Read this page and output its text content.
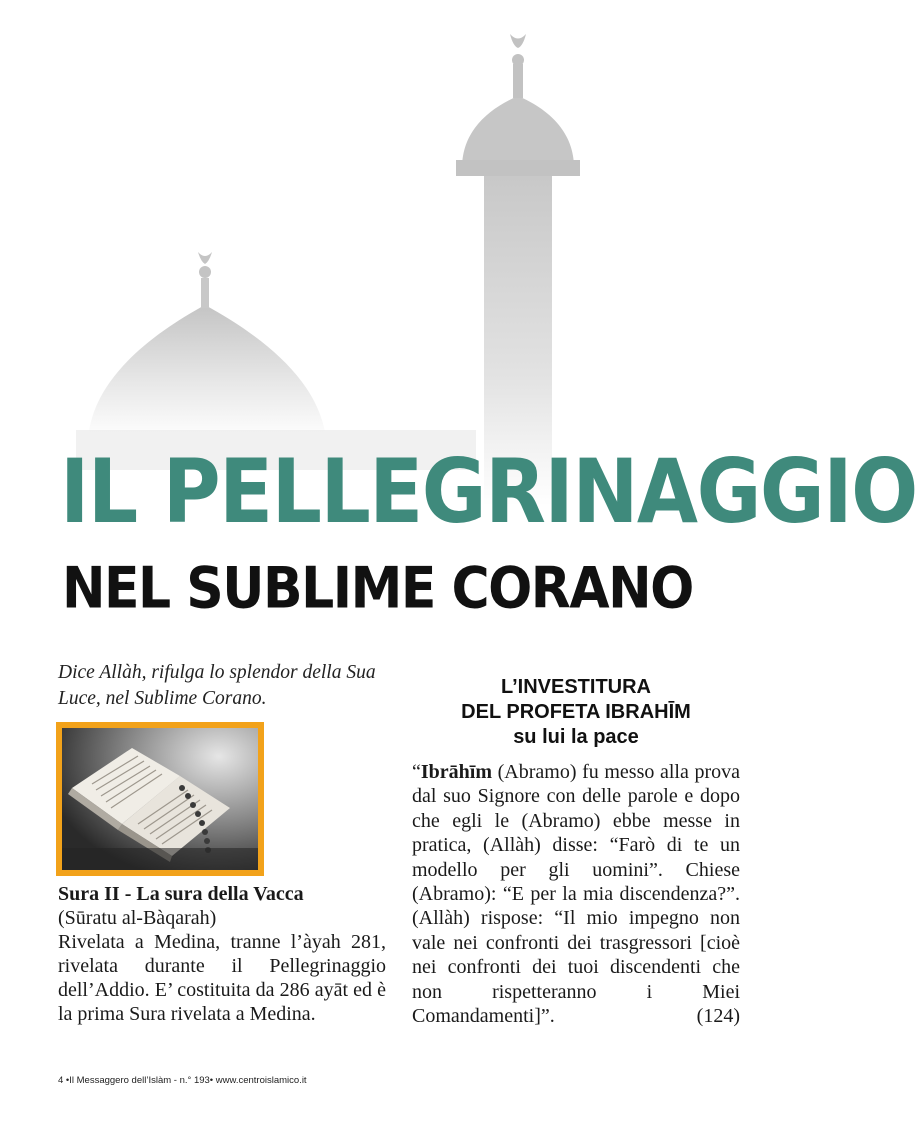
IL PELLEGRINAGGIO
NEL SUBLIME CORANO

Dice Allàh, rifulga lo splendor della Sua Luce, nel Sublime Corano.

Sura II - La sura della Vacca

(Sūratu al-Bàqarah)

Rivelata a Medina, tranne l’àyah 281, rivelata durante il Pellegrinaggio dell’Addio. E’ costituita da 286 ayāt ed è la prima Sura rivelata a Medina.

L’INVESTITURA
DEL PROFETA IBRAHĪM
su lui la pace

“Ibrāhīm (Abramo) fu messo alla prova dal suo Signore con delle parole e dopo che egli le (Abramo) ebbe messe in pratica, (Allàh) disse: “Farò di te un modello per gli uomini”. Chiese (Abramo): “E per la mia discendenza?”. (Allàh) rispose: “Il mio impegno non vale nei confronti dei trasgressori [cioè nei confronti dei tuoi discendenti che non rispetteranno i Miei Comandamenti]”. (124)

4 •Il Messaggero dell’Islàm - n.° 193• www.centroislamico.it
